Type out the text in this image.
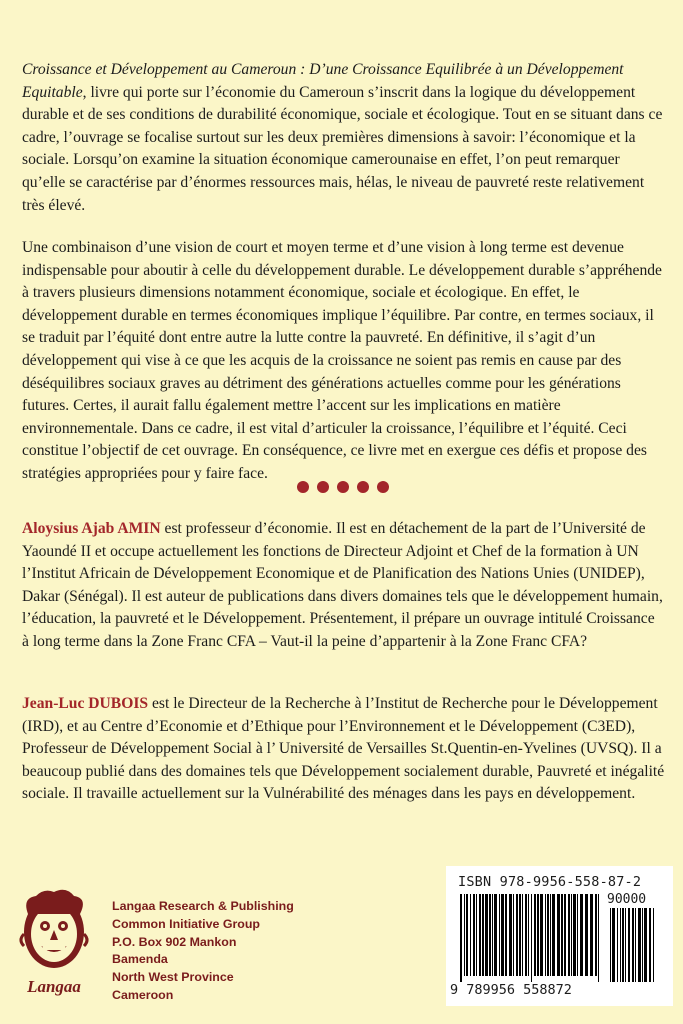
Croissance et Développement au Cameroun : D’une Croissance Equilibrée à un Développement Equitable, livre qui porte sur l’économie du Cameroun s’inscrit dans la logique du développement durable et de ses conditions de durabilité économique, sociale et écologique. Tout en se situant dans ce cadre, l’ouvrage se focalise surtout sur les deux premières dimensions à savoir: l’économique et la sociale. Lorsqu’on examine la situation économique camerounaise en effet, l’on peut remarquer qu’elle se caractérise par d’énormes ressources mais, hélas, le niveau de pauvreté reste relativement très élevé.

Une combinaison d’une vision de court et moyen terme et d’une vision à long terme est devenue indispensable pour aboutir à celle du développement durable. Le développement durable s’appréhende à travers plusieurs dimensions notamment économique, sociale et écologique. En effet, le développement durable en termes économiques implique l’équilibre. Par contre, en termes sociaux, il se traduit par l’équité dont entre autre la lutte contre la pauvreté. En définitive, il s’agit d’un développement qui vise à ce que les acquis de la croissance ne soient pas remis en cause par des déséquilibres sociaux graves au détriment des générations actuelles comme pour les générations futures. Certes, il aurait fallu également mettre l’accent sur les implications en matière environnementale. Dans ce cadre, il est vital d’articuler la croissance, l’équilibre et l’équité. Ceci constitue l’objectif de cet ouvrage. En conséquence, ce livre met en exergue ces défis et propose des stratégies appropriées pour y faire face.

Aloysius Ajab AMIN est professeur d’économie. Il est en détachement de la part de l’Université de Yaoundé II et occupe actuellement les fonctions de Directeur Adjoint et Chef de la formation à UN l’Institut Africain de Développement Economique et de Planification des Nations Unies (UNIDEP), Dakar (Sénégal). Il est auteur de publications dans divers domaines tels que le développement humain, l’éducation, la pauvreté et le Développement. Présentement, il prépare un ouvrage intitulé Croissance à long terme dans la Zone Franc CFA – Vaut-il la peine d’appartenir à la Zone Franc CFA?

Jean-Luc DUBOIS est le Directeur de la Recherche à l’Institut de Recherche pour le Développement (IRD), et au Centre d’Economie et d’Ethique pour l’Environnement et le Développement (C3ED), Professeur de Développement Social à l’ Université de Versailles St.Quentin-en-Yvelines (UVSQ). Il a beaucoup publié dans des domaines tels que Développement socialement durable, Pauvreté et inégalité sociale. Il travaille actuellement sur la Vulnérabilité des ménages dans les pays en développement.

Langaa
Langaa Research & Publishing
Common Initiative Group
P.O. Box 902 Mankon
Bamenda
North West Province
Cameroon
ISBN 978-9956-558-87-2
90000
9 789956 558872
